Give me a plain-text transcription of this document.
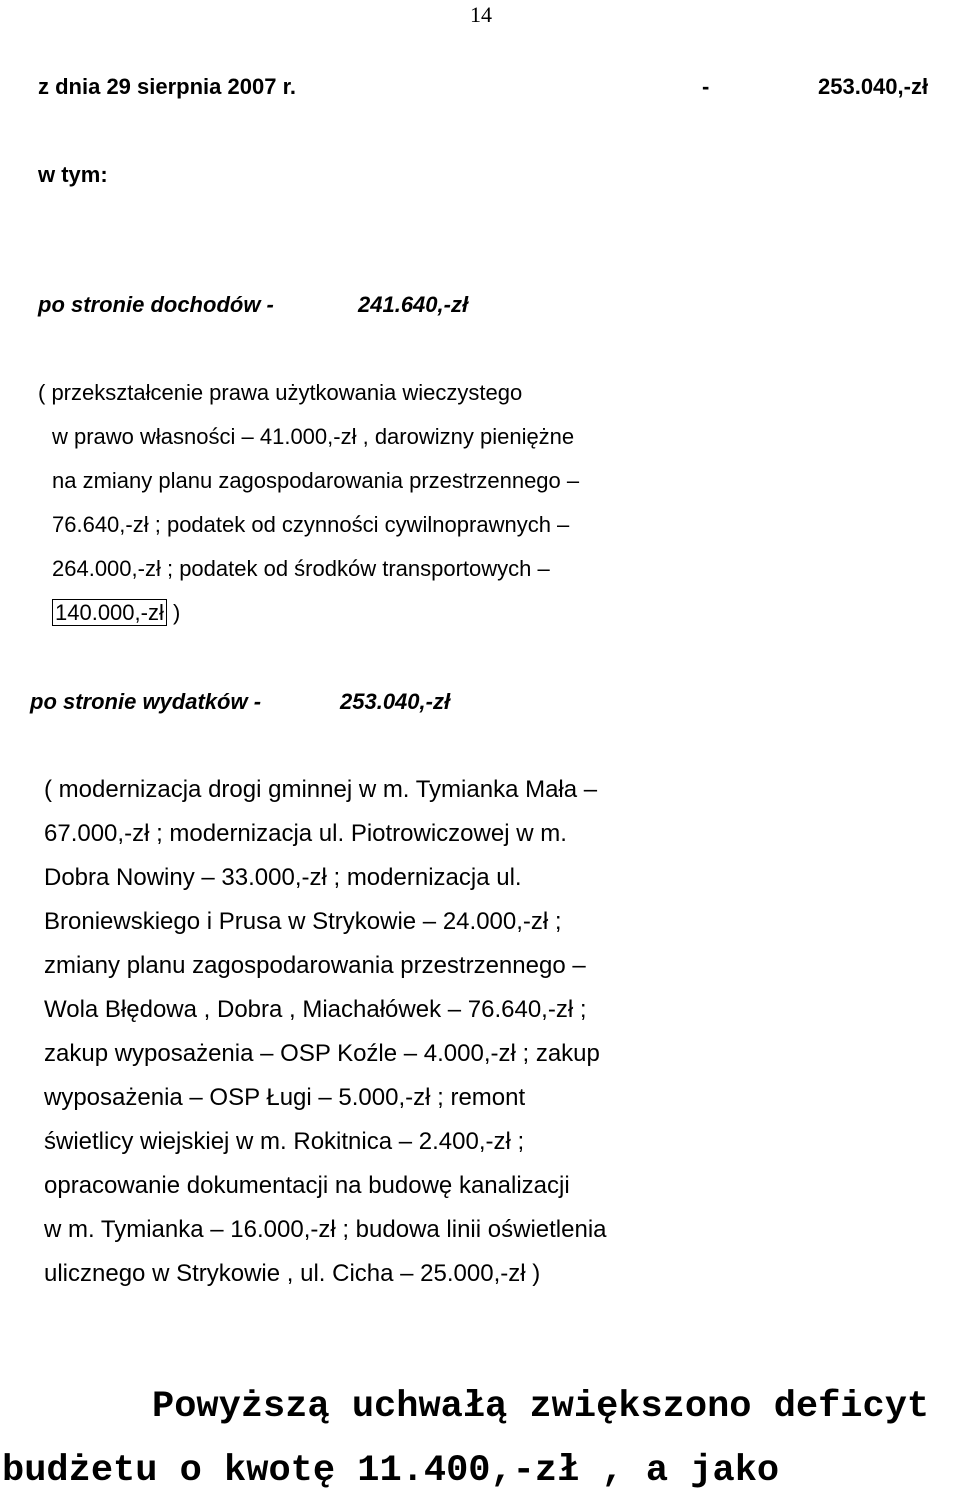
14
z dnia 29 sierpnia 2007 r.	-	253.040,-zł
w tym:
po stronie dochodów -	241.640,-zł
( przekształcenie prawa użytkowania wieczystego
w prawo własności – 41.000,-zł , darowizny pieniężne
na zmiany planu zagospodarowania przestrzennego –
76.640,-zł ; podatek od czynności cywilnoprawnych –
264.000,-zł ; podatek od środków transportowych –
140.000,-zł )
po stronie wydatków -	253.040,-zł
( modernizacja drogi gminnej w m. Tymianka Mała –
67.000,-zł ; modernizacja ul. Piotrowiczowej w m.
Dobra Nowiny – 33.000,-zł ; modernizacja ul.
Broniewskiego i Prusa w Strykowie – 24.000,-zł ;
zmiany planu zagospodarowania przestrzennego –
Wola Błędowa , Dobra , Miachałówek – 76.640,-zł ;
zakup wyposażenia – OSP Koźle – 4.000,-zł ; zakup
wyposażenia – OSP Ługi – 5.000,-zł ; remont
świetlicy wiejskiej w m. Rokitnica – 2.400,-zł ;
opracowanie dokumentacji na budowę kanalizacji
w m. Tymianka – 16.000,-zł ; budowa linii oświetlenia
ulicznego w Strykowie , ul. Cicha – 25.000,-zł )
Powyższą uchwałą zwiększono deficyt
budżetu o kwotę 11.400,-zł , a jako
